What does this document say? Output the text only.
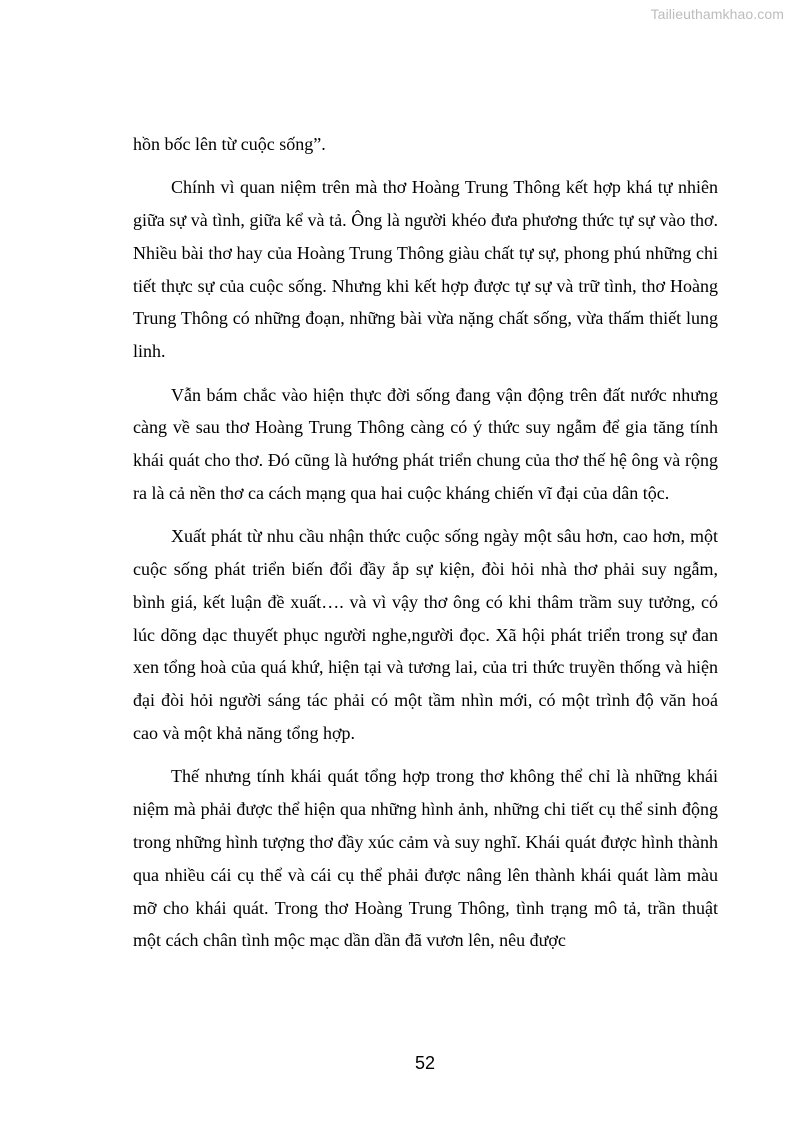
Tailieuthamkhao.com

hồn bốc lên từ cuộc sống”.

Chính vì quan niệm trên mà thơ Hoàng Trung Thông kết hợp khá tự nhiên giữa sự và tình, giữa kể và tả. Ông là người khéo đưa phương thức tự sự vào thơ. Nhiều bài thơ hay của Hoàng Trung Thông giàu chất tự sự, phong phú những chi tiết thực sự của cuộc sống. Nhưng khi kết hợp được tự sự và trữ tình, thơ Hoàng Trung Thông có những đoạn, những bài vừa nặng chất sống, vừa thấm thiết lung linh.

Vẫn bám chắc vào hiện thực đời sống đang vận động trên đất nước nhưng càng về sau thơ Hoàng Trung Thông càng có ý thức suy ngẫm để gia tăng tính khái quát cho thơ. Đó cũng là hướng phát triển chung của thơ thế hệ ông và rộng ra là cả nền thơ ca cách mạng qua hai cuộc kháng chiến vĩ đại của dân tộc.

Xuất phát từ nhu cầu nhận thức cuộc sống ngày một sâu hơn, cao hơn, một cuộc sống phát triển biến đổi đầy ắp sự kiện, đòi hỏi nhà thơ phải suy ngẫm, bình giá, kết luận đề xuất…. và vì vậy thơ ông có khi thâm trầm suy tưởng, có lúc dõng dạc thuyết phục người nghe,người đọc. Xã hội phát triển trong sự đan xen tổng hoà của quá khứ, hiện tại và tương lai, của tri thức truyền thống và hiện đại đòi hỏi người sáng tác phải có một tầm nhìn mới, có một trình độ văn hoá cao và một khả năng tổng hợp.

Thế nhưng tính khái quát tổng hợp trong thơ không thể chỉ là những khái niệm mà phải được thể hiện qua những hình ảnh, những chi tiết cụ thể sinh động trong những hình tượng thơ đầy xúc cảm và suy nghĩ. Khái quát được hình thành qua nhiều cái cụ thể và cái cụ thể phải được nâng lên thành khái quát làm màu mỡ cho khái quát. Trong thơ Hoàng Trung Thông, tình trạng mô tả, trần thuật một cách chân tình mộc mạc dần dần đã vươn lên, nêu được

52
